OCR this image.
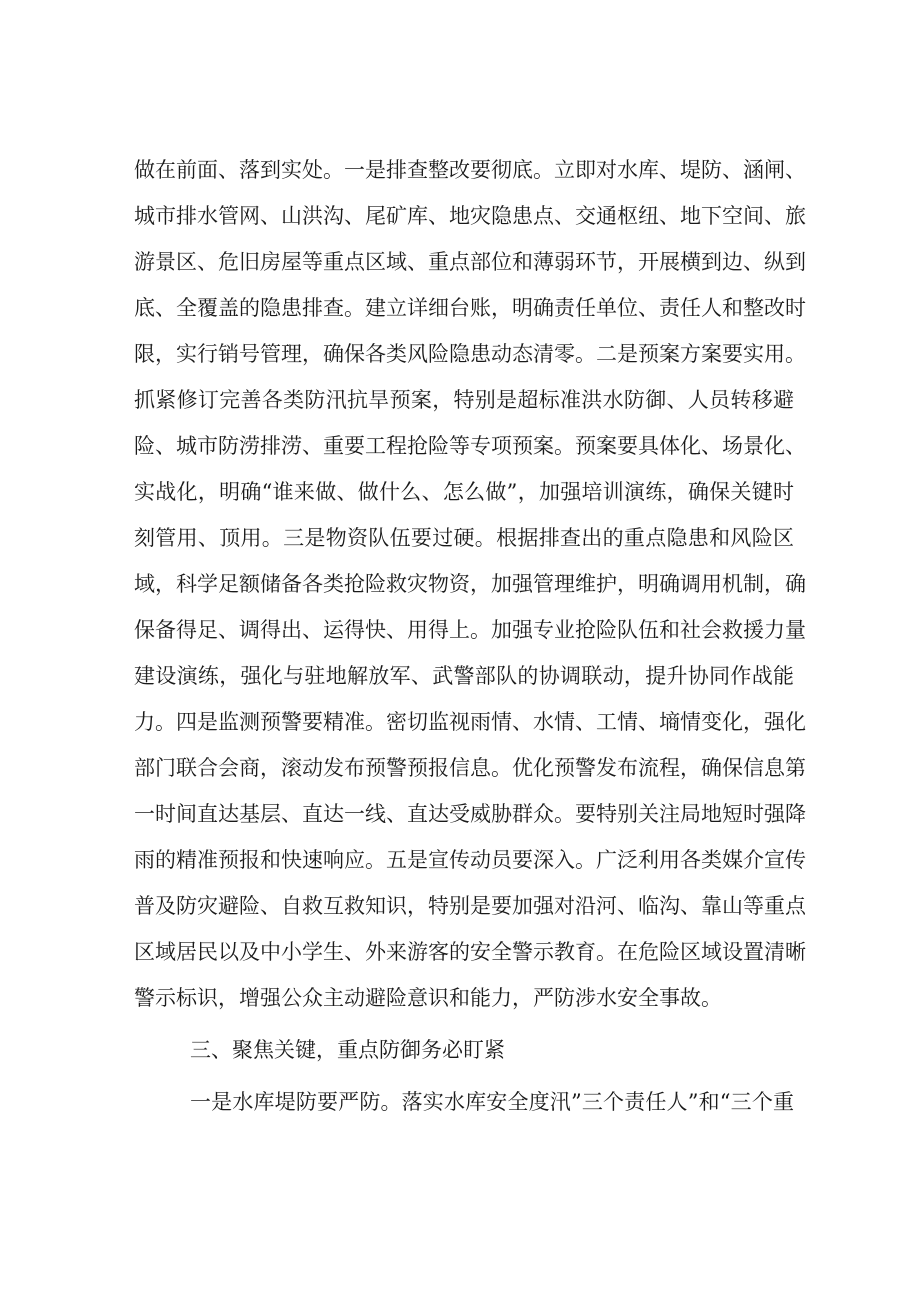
做在前面、落到实处。一是排查整改要彻底。立即对水库、堤防、涵闸、
城市排水管网、山洪沟、尾矿库、地灾隐患点、交通枢纽、地下空间、旅
游景区、危旧房屋等重点区域、重点部位和薄弱环节，开展横到边、纵到
底、全覆盖的隐患排查。建立详细台账，明确责任单位、责任人和整改时
限，实行销号管理，确保各类风险隐患动态清零。二是预案方案要实用。
抓紧修订完善各类防汛抗旱预案，特别是超标准洪水防御、人员转移避
险、城市防涝排涝、重要工程抢险等专项预案。预案要具体化、场景化、
实战化，明确“谁来做、做什么、怎么做”，加强培训演练，确保关键时
刻管用、顶用。三是物资队伍要过硬。根据排查出的重点隐患和风险区
域，科学足额储备各类抢险救灾物资，加强管理维护，明确调用机制，确
保备得足、调得出、运得快、用得上。加强专业抢险队伍和社会救援力量
建设演练，强化与驻地解放军、武警部队的协调联动，提升协同作战能
力。四是监测预警要精准。密切监视雨情、水情、工情、墒情变化，强化
部门联合会商，滚动发布预警预报信息。优化预警发布流程，确保信息第
一时间直达基层、直达一线、直达受威胁群众。要特别关注局地短时强降
雨的精准预报和快速响应。五是宣传动员要深入。广泛利用各类媒介宣传
普及防灾避险、自救互救知识，特别是要加强对沿河、临沟、靠山等重点
区域居民以及中小学生、外来游客的安全警示教育。在危险区域设置清晰
警示标识，增强公众主动避险意识和能力，严防涉水安全事故。
三、聚焦关键，重点防御务必盯紧
一是水库堤防要严防。落实水库安全度汛”三个责任人”和“三个重
